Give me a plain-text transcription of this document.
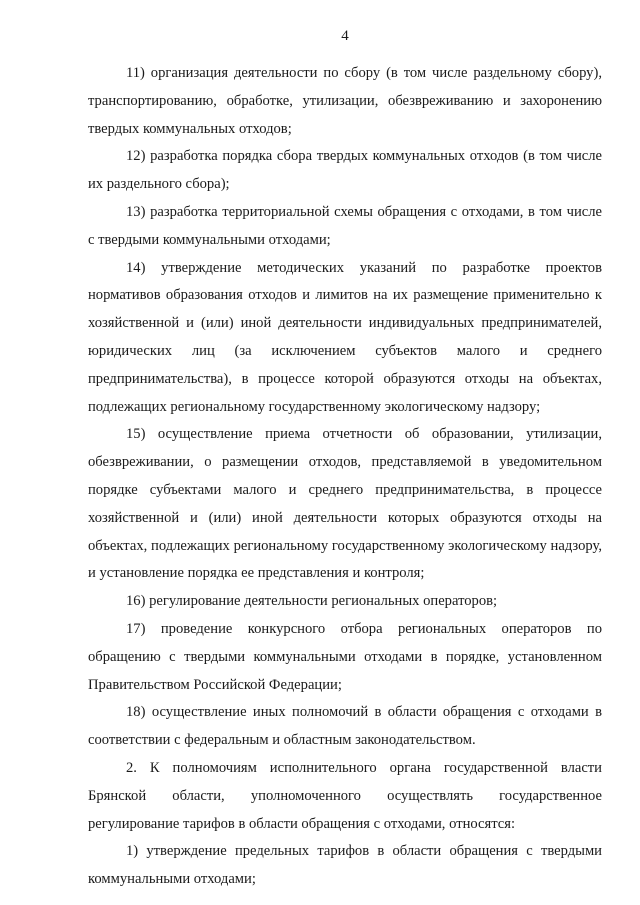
4

11) организация деятельности по сбору (в том числе раздельному сбору), транспортированию, обработке, утилизации, обезвреживанию и захоронению твердых коммунальных отходов;

12) разработка порядка сбора твердых коммунальных отходов (в том числе их раздельного сбора);

13) разработка территориальной схемы обращения с отходами, в том числе с твердыми коммунальными отходами;

14) утверждение методических указаний по разработке проектов нормативов образования отходов и лимитов на их размещение применительно к хозяйственной и (или) иной деятельности индивидуальных предпринимателей, юридических лиц (за исключением субъектов малого и среднего предпринимательства), в процессе которой образуются отходы на объектах, подлежащих региональному государственному экологическому надзору;

15) осуществление приема отчетности об образовании, утилизации, обезвреживании, о размещении отходов, представляемой в уведомительном порядке субъектами малого и среднего предпринимательства, в процессе хозяйственной и (или) иной деятельности которых образуются отходы на объектах, подлежащих региональному государственному экологическому надзору, и установление порядка ее представления и контроля;

16) регулирование деятельности региональных операторов;

17) проведение конкурсного отбора региональных операторов по обращению с твердыми коммунальными отходами в порядке, установленном Правительством Российской Федерации;

18) осуществление иных полномочий в области обращения с отходами в соответствии с федеральным и областным законодательством.

2. К полномочиям исполнительного органа государственной власти Брянской области, уполномоченного осуществлять государственное регулирование тарифов в области обращения с отходами, относятся:

1) утверждение предельных тарифов в области обращения с твердыми коммунальными отходами;
